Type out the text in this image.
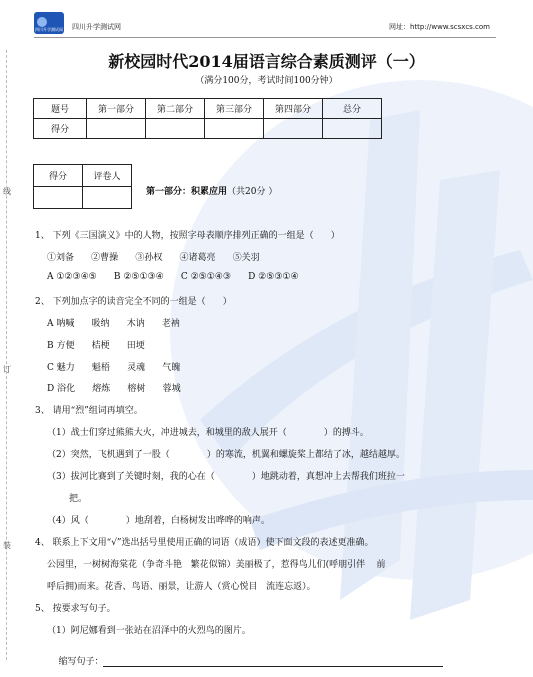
四川升学测试网 四川升学测试网	网址：http://www.scsxcs.com
新校园时代2014届语言综合素质测评（一）
（满分100分，考试时间100分钟）
题号	第一部分	第二部分	第三部分	第四部分	总分
得分					
得分	评卷人

第一部分：积累应用（共20分 ）
线
订
装
1、 下列《三国演义》中的人物，按照字母表顺序排列正确的一组是（      ）
①刘备      ②曹操      ③孙权      ④诸葛亮      ⑤关羽
A ①②③④⑤      B ②⑤①③④      C ②⑤①④③      D ②⑤③①④
2、 下列加点字的读音完全不同的一组是（      ）
A 呐喊      吸纳      木讷      老衲
B 方便      桔梗      田埂
C 魅力      魁梧      灵魂      气魄
D 浴化      熔炼      榕树      蓉城
3、 请用“烈”组词再填空。
（1）战士们穿过熊熊大火，冲进城去，和城里的敌人展开（             ）的搏斗。
（2）突然，飞机遇到了一股（             ）的寒流，机翼和螺旋桨上都结了冰，越结越厚。
（3）拔河比赛到了关键时刻，我的心在（             ）地跳动着，真想冲上去帮我们班拉一
把。
（4）风（             ）地刮着，白杨树发出哗哗的响声。
4、 联系上下文用“√”选出括号里使用正确的词语（成语）使下面文段的表述更准确。
公园里，一树树海棠花（争奇斗艳   繁花似锦）美丽极了，惹得鸟儿们(呼朋引伴    前
呼后拥)而来。花香、鸟语、丽景，让游人（赏心悦目   流连忘返）。
5、 按要求写句子。
（1）阿尼娜看到一张站在沼泽中的火烈鸟的图片。

缩写句子：
